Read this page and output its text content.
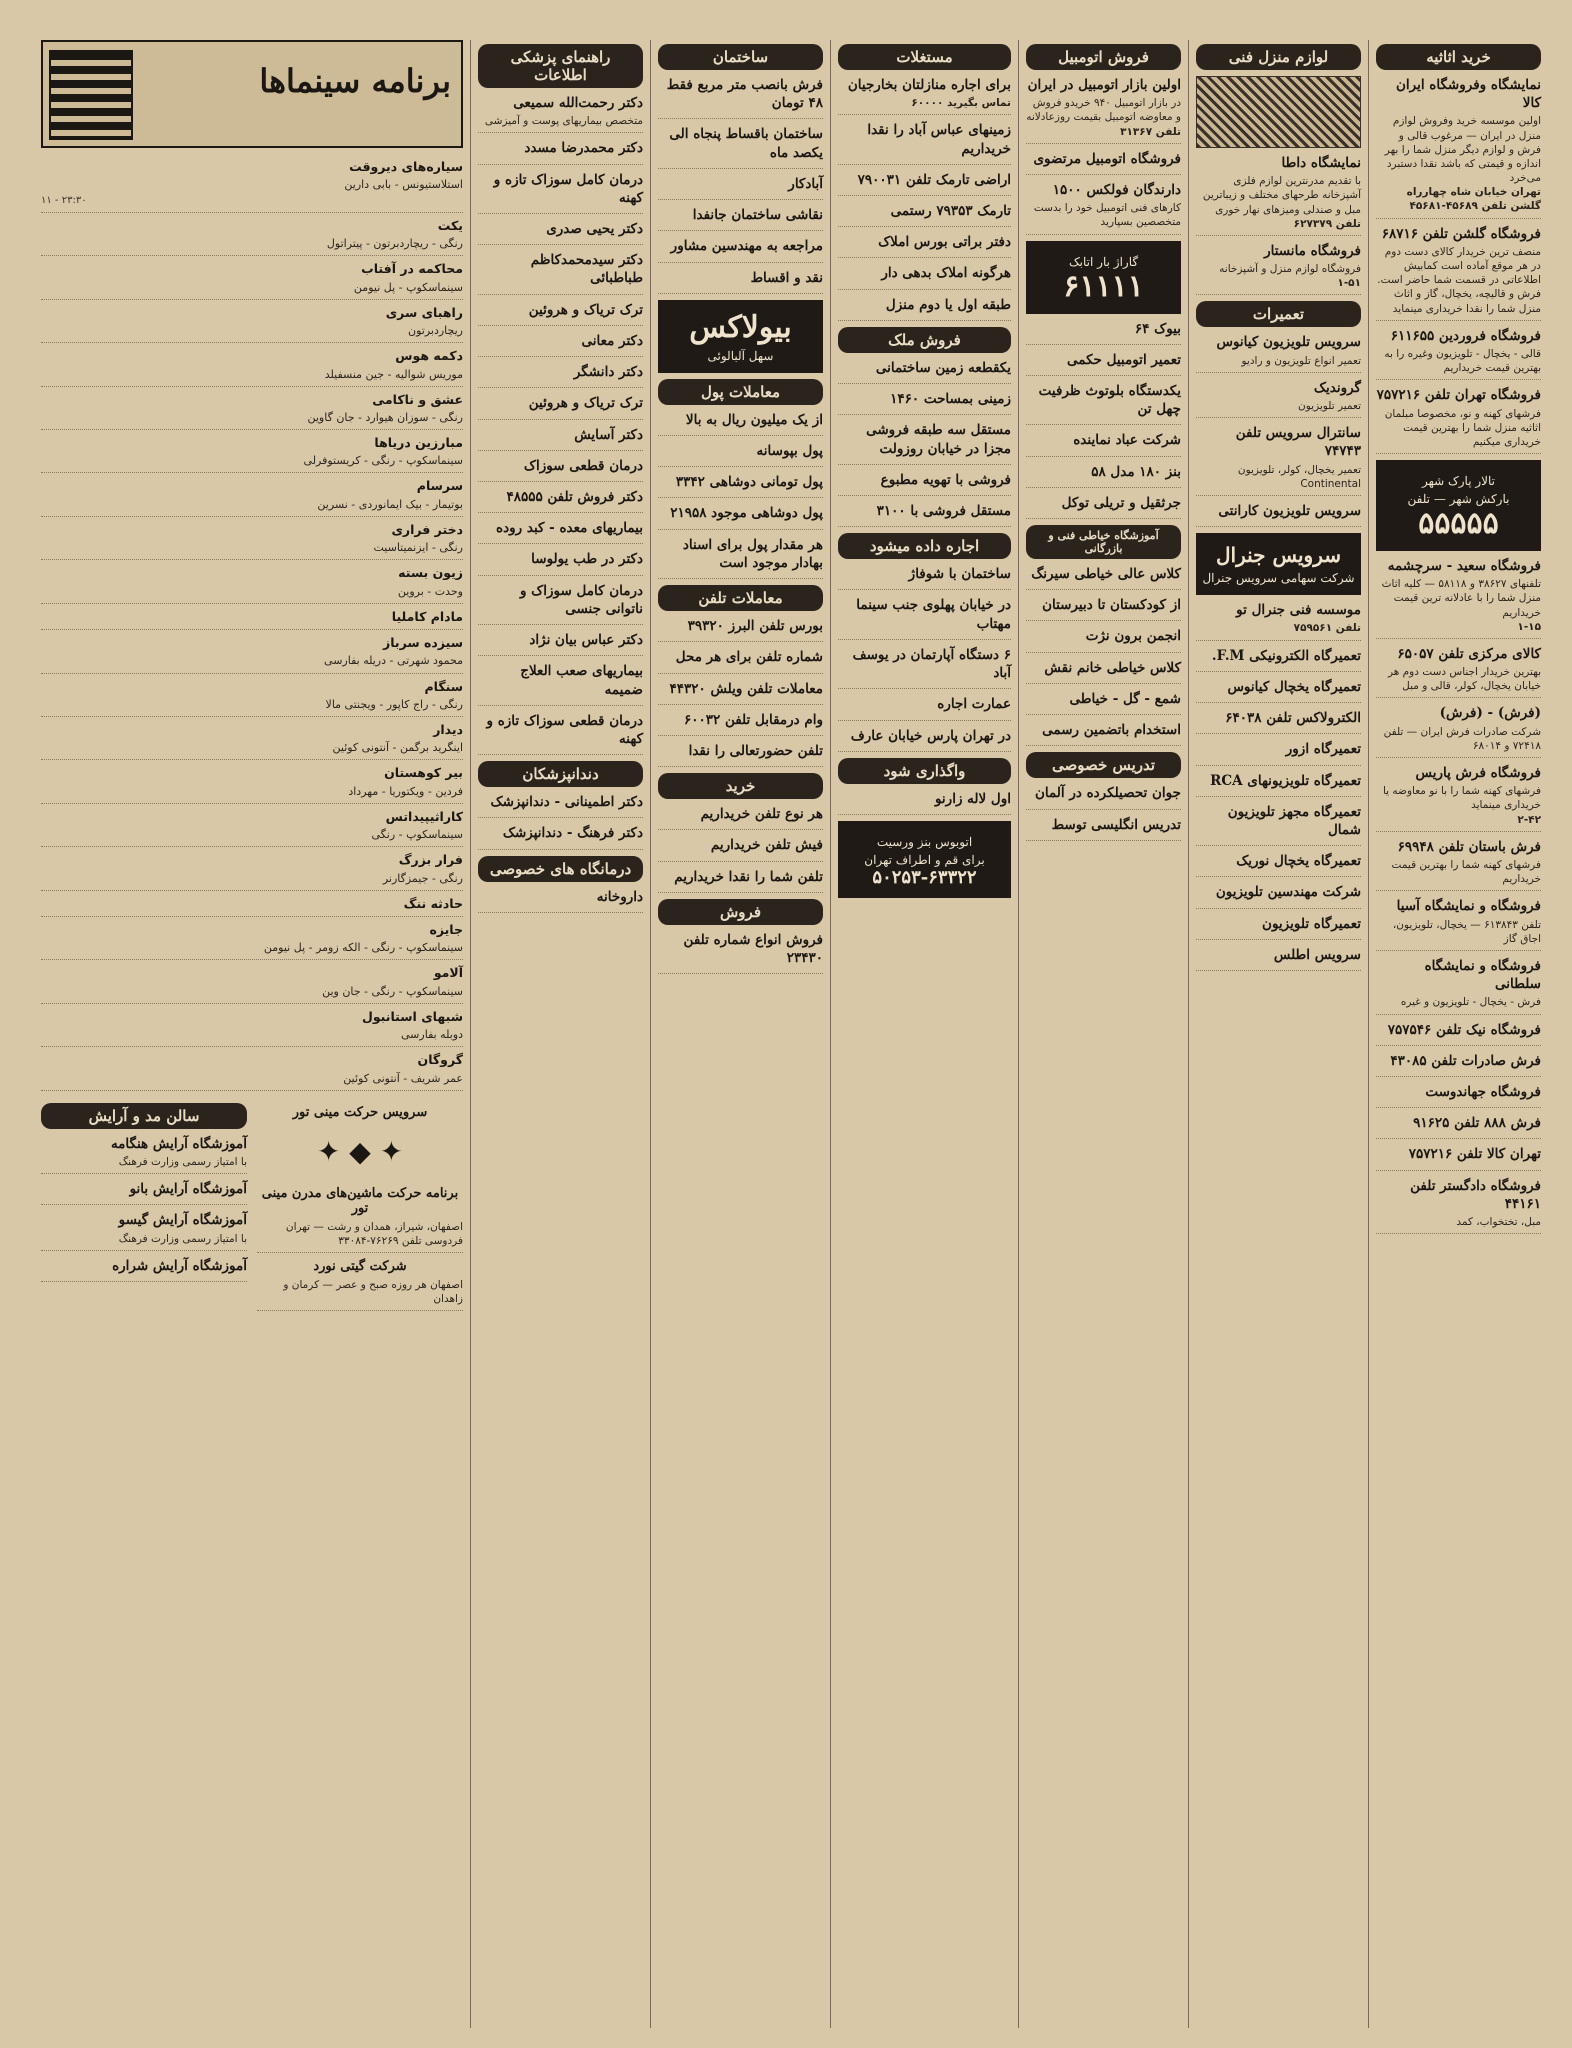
خرید اثاثیه
نمایشگاه وفروشگاه ایران کالا
اولین موسسه خرید وفروش لوازم منزل در ایران — مرغوب قالی و فرش و لوازم دیگر منزل شما را بهر اندازه و قیمتی که باشد نقدا دستبرد می‌خرد
تهران خیابان شاه چهارراه گلشن تلفن ۴۵۶۸۹-۴۵۶۸۱
فروشگاه گلشن تلفن ۶۸۷۱۶
منصف ترین خریدار کالای دست دوم در هر موقع آماده است کمابیش اطلاعاتی در قسمت شما حاضر است. فرش و قالیچه، یخچال، گاز و اثاث منزل شما را نقدا خریداری مینماید
فروشگاه فروردین ۶۱۱۶۵۵
قالی - یخچال - تلویزیون وغیره را به بهترین قیمت خریداریم
فروشگاه تهران تلفن ۷۵۷۲۱۶
فرشهای کهنه و نو، مخصوصا مبلمان اثاثیه منزل شما را بهترین قیمت خریداری میکنیم
تالار پارک شهر
بارکش شهر — تلفن
۵۵۵۵۵
فروشگاه سعید - سرچشمه
تلفنهای ۳۸۶۲۷ و ۵۸۱۱۸ — کلیه اثاث منزل شما را با عادلانه ترین قیمت خریداریم
۱-۱۵
کالای مرکزی تلفن ۶۵۰۵۷
بهترین خریدار اجناس دست دوم هر خیابان یخچال، کولر، قالی و مبل
(فرش) - (فرش)
شرکت صادرات فرش ایران — تلفن ۷۲۴۱۸ و ۶۸۰۱۴
فروشگاه فرش پاریس
فرشهای کهنه شما را با نو معاوضه یا خریداری مینماید
۲-۴۲
فرش باستان تلفن ۶۹۹۴۸
فرشهای کهنه شما را بهترین قیمت خریداریم
فروشگاه و نمایشگاه آسیا
تلفن ۶۱۳۸۴۳ — یخچال، تلویزیون، اجاق گاز
فروشگاه و نمایشگاه سلطانی
فرش - یخچال - تلویزیون و غیره
فروشگاه نیک تلفن ۷۵۷۵۴۶
فرش صادرات تلفن ۴۳۰۸۵
فروشگاه جهاندوست
فرش ۸۸۸ تلفن ۹۱۶۲۵
تهران کالا تلفن ۷۵۷۲۱۶
فروشگاه دادگستر تلفن ۴۴۱۶۱
مبل، تختخواب، کمد
لوازم منزل فنی
نمایشگاه داطا
با تقدیم مدرنترین لوازم فلزی آشپزخانه طرحهای مختلف و زیباترین مبل و صندلی ومیزهای نهار خوری
تلفن ۶۲۷۳۷۹
فروشگاه مانستار
فروشگاه لوازم منزل و آشپزخانه
۱-۵۱
تعمیرات
سرویس تلویزیون کیانوس
تعمیر انواع تلویزیون و رادیو
گروندیک
تعمیر تلویزیون
سانترال سرویس تلفن ۷۴۷۴۳
تعمیر یخچال، کولر، تلویزیون Continental
سرویس تلویزیون کارانتی
سرویس جنرال
شرکت سهامی سرویس جنرال
موسسه فنی جنرال تو
تلفن ۷۵۹۵۶۱
تعمیرگاه الکترونیکی F.M.
تعمیرگاه یخچال کیانوس
الکترولاکس تلفن ۶۴۰۳۸
تعمیرگاه ازور
تعمیرگاه تلویزیونهای RCA
تعمیرگاه مجهز تلویزیون شمال
تعمیرگاه یخچال نوریک
شرکت مهندسین تلویزیون
تعمیرگاه تلویزیون
سرویس اطلس
فروش اتومبیل
اولین بازار اتومبیل در ایران
در بازار اتومبیل ۹۴۰ خریدو فروش و معاوضه اتومبیل بقیمت روزعادلانه
تلفن ۳۱۳۶۷
فروشگاه اتومبیل مرتضوی
دارندگان فولکس ۱۵۰۰
کارهای فنی اتومبیل خود را بدست متخصصین بسپارید
گاراژ بار اتابک
۶۱۱۱۱
بیوک ۶۴
تعمیر اتومبیل حکمی
یکدستگاه بلوتوث ظرفیت چهل تن
شرکت عباد نماینده
بنز ۱۸۰ مدل ۵۸
جرثقیل و تریلی توکل
آموزشگاه خیاطی فنی و بازرگانی
کلاس عالی خیاطی سیرنگ
از کودکستان تا دبیرستان
انجمن برون نژت
کلاس خیاطی خانم نقش
شمع - گل - خیاطی
استخدام باتضمین رسمی
تدریس خصوصی
جوان تحصیلکرده در آلمان
تدریس انگلیسی توسط
مستغلات
برای اجاره منازلتان بخارجیان
تماس بگیرید ۶۰۰۰۰
زمینهای عباس آباد را نقدا خریداریم
اراضی تارمک تلفن ۷۹۰۰۳۱
تارمک ۷۹۳۵۳ رستمی
دفتر براتی بورس املاک
هرگونه املاک بدهی دار
طبقه اول یا دوم منزل
فروش ملک
یکقطعه زمین ساختمانی
زمینی بمساحت ۱۴۶۰
مستقل سه طبقه فروشی مجزا در خیابان روزولت
فروشی با تهویه مطبوع
مستقل فروشی با ۳۱۰۰
اجاره داده میشود
ساختمان با شوفاژ
در خیابان پهلوی جنب سینما مهتاب
۶ دستگاه آپارتمان در یوسف آباد
عمارت اجاره
در تهران پارس خیابان عارف
واگذاری شود
اول لاله زارنو
اتوبوس بنز ورسیت
برای قم و اطراف تهران
۵۰۲۵۳-۶۳۳۲۲
ساختمان
فرش بانصب متر مربع فقط ۴۸ تومان
ساختمان باقساط پنجاه الی یکصد ماه
آبادکار
نقاشی ساختمان جانفدا
مراجعه به مهندسین مشاور
نقد و اقساط
بیولاکس
سهل آلبالوئی
معاملات پول
از یک میلیون ریال به بالا
پول بپوسانه
پول تومانی دوشاهی ۳۳۴۲
پول دوشاهی موجود ۲۱۹۵۸
هر مقدار پول برای اسناد بهادار موجود است
معاملات تلفن
بورس تلفن البرز ۳۹۳۲۰
شماره تلفن برای هر محل
معاملات تلفن ویلش ۴۴۳۲۰
وام درمقابل تلفن ۶۰۰۳۲
تلفن حضورتعالی را نقدا
خرید
هر نوع تلفن خریداریم
فیش تلفن خریداریم
تلفن شما را نقدا خریداریم
فروش
فروش انواع شماره تلفن ۲۳۴۳۰
راهنمای پزشکی اطلاعات
دکتر رحمت‌الله سمیعی
متخصص بیماریهای پوست و آمیزشی
دکتر محمدرضا مسدد
درمان کامل سوزاک تازه و کهنه
دکتر یحیی صدری
دکتر سیدمحمدکاظم طباطبائی
ترک تریاک و هروئین
دکتر معانی
دکتر دانشگر
ترک تریاک و هروئین
دکتر آسایش
درمان قطعی سوزاک
دکتر فروش تلفن ۴۸۵۵۵
بیماریهای معده - کبد روده
دکتر در طب یولوسا
درمان کامل سوزاک و ناتوانی جنسی
دکتر عباس بیان نژاد
بیماریهای صعب العلاج ضمیمه
درمان قطعی سوزاک تازه و کهنه
دندانپزشکان
دکتر اطمینانی - دندانپزشک
دکتر فرهنگ - دندانپزشک
درمانگاه های خصوصی
داروخانه
برنامه سینماها
سیاره‌های دیروقت
استلاستیونس - بابی دارین
۱۱ - ۲۳:۳۰
یکت
رنگی - ریچاردبرتون - پیتراتول
محاکمه در آفتاب
سینماسکوپ - پل نیومن
راهبای سری
ریچاردبرتون
دکمه هوس
موریس شوالیه - جین منسفیلد
عشق و ناکامی
رنگی - سوزان هیوارد - جان گاوین
مبارزین دریاها
سینماسکوپ - رنگی - کریستوفرلی
سرسام
بوتیمار - بیک ایمانوردی - نسرین
دختر فراری
رنگی - ایزنمیتاسیت
زیون بسته
وحدت - بروین
مادام کاملیا
سیزده سرباز
محمود شهرتی - دریله بفارسی
سنگام
رنگی - راج کاپور - ویجنتی مالا
دیدار
اینگرید برگمن - آنتونی کوئین
بیر کوهستان
فردین - ویکتوریا - مهرداد
کاراثیپیداتس
سینماسکوپ - رنگی
فرار بزرگ
رنگی - جیمزگارنر
حادثه ننگ
جایزه
سینماسکوپ - رنگی - الکه زومر - پل نیومن
آلامو
سینماسکوپ - رنگی - جان وین
شبهای استانبول
دوبله بفارسی
گروگان
عمر شریف - آنتونی کوئین
سرویس حرکت مینی تور
✦ ◆ ✦
برنامه حرکت ماشین‌های مدرن مینی تور
اصفهان، شیراز، همدان و رشت — تهران فردوسی تلفن ۷۶۲۶۹-۳۳۰۸۴
شرکت گیتی نورد
اصفهان هر روزه صبح و عصر — کرمان و زاهدان
سالن مد و آرایش
آموزشگاه آرایش هنگامه
با امتیاز رسمی وزارت فرهنگ
آموزشگاه آرایش بانو
آموزشگاه آرایش گیسو
با امتیاز رسمی وزارت فرهنگ
آموزشگاه آرایش شراره
